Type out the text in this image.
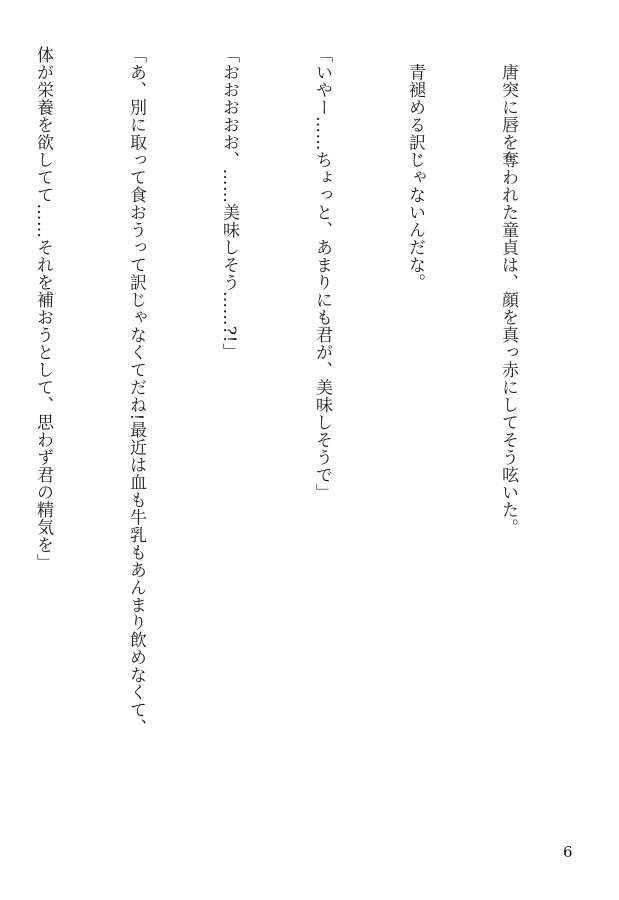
　唐突に唇を奪われた童貞は、顔を真っ赤にしてそう呟いた。

　青褪める訳じゃないんだな。

「いやー……ちょっと、あまりにも君が、美味しそうで」

「おおおおお、……美味しそう……?!」

「あ、別に取って食おうって訳じゃなくてだね!最近は血も牛乳もあんまり飲めなくて、

体が栄養を欲してて……それを補おうとして、思わず君の精気を」

6
